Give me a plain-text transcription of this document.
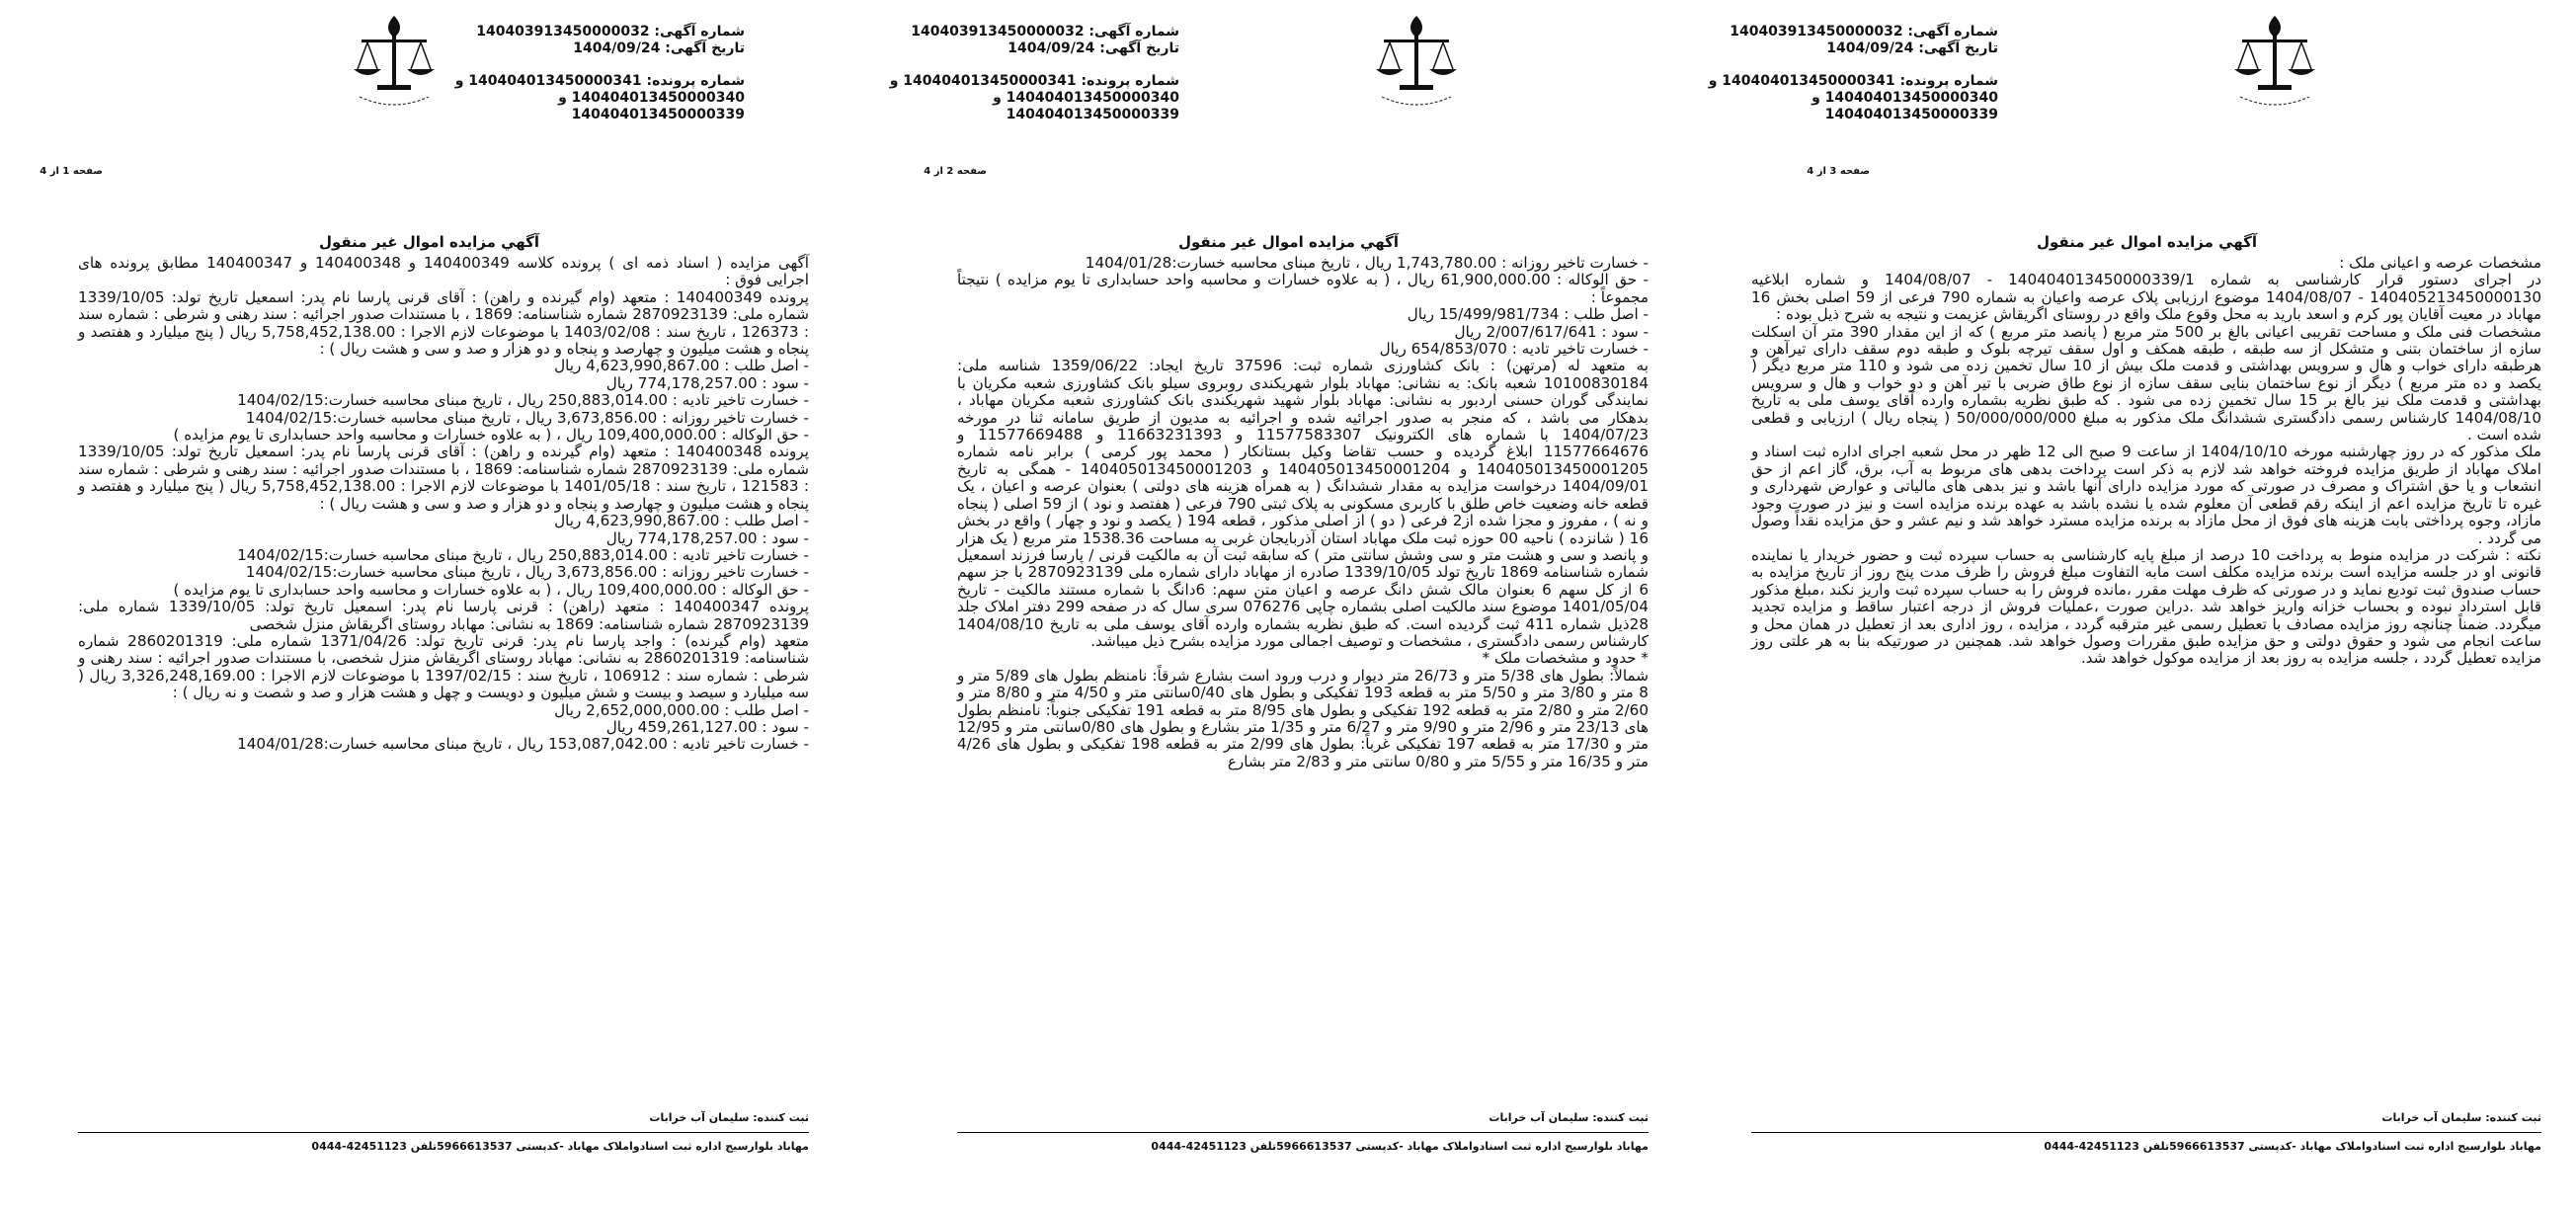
شماره آگهی: 140403913450000032
تاریخ آگهی: 1404/09/24
شماره پرونده: 140404013450000341 و
140404013450000340 و
140404013450000339
صفحه 3 از 4
آگهي مزايده اموال غير منقول

مشخصات عرصه و اعیانی ملک :

در اجرای دستور قرار کارشناسی به شماره 140404013450000339/1 - 1404/08/07 و شماره ابلاغیه 140405213450000130 - 1404/08/07 موضوع ارزیابی پلاک عرصه واعیان به شماره 790 فرعی از 59 اصلی بخش 16 مهاباد در معیت آقایان پور کرم و اسعد بارید به محل وقوع ملک واقع در روستای اگریقاش عزیمت و نتیجه به شرح ذیل بوده :

مشخصات فنی ملک و مساحت تقریبی اعیانی بالغ بر 500 متر مربع ( پانصد متر مربع ) که از این مقدار 390 متر آن اسکلت سازه از ساختمان بتنی و متشکل از سه طبقه ، طبقه همکف و اول سقف تیرچه بلوک و طبقه دوم سقف دارای تیرآهن و هرطبقه دارای خواب و هال و سرویس بهداشتی و قدمت ملک بیش از 10 سال تخمین زده می شود و 110 متر مربع دیگر ( یکصد و ده متر مربع ) دیگر از نوع ساختمان بنایی سقف سازه از نوع طاق ضربی با تیر آهن و دو خواب و هال و سرویس بهداشتی و قدمت ملک نیز بالغ بر 15 سال تخمین زده می شود . که طبق نظریه بشماره وارده آقای یوسف ملی به تاریخ 1404/08/10 کارشناس رسمی دادگستری ششدانگ ملک مذکور به مبلغ 50/000/000/000 ( پنجاه ریال ) ارزیابی و قطعی شده است .

ملک مذکور که در روز چهارشنبه مورخه 1404/10/10 از ساعت 9 صبح الی 12 ظهر در محل شعبه اجرای اداره ثبت اسناد و املاک مهاباد از طریق مزایده فروخته خواهد شد لازم به ذکر است پرداخت بدهی های مربوط به آب، برق، گاز اعم از حق انشعاب و یا حق اشتراک و مصرف در صورتی که مورد مزایده دارای آنها باشد و نیز بدهی های مالیاتی و عوارض شهرداری و غیره تا تاریخ مزایده اعم از اینکه رقم قطعی آن معلوم شده یا نشده باشد به عهده برنده مزایده است و نیز در صورت وجود مازاد، وجوه پرداختی بابت هزینه های فوق از محل مازاد به برنده مزایده مسترد خواهد شد و نیم عشر و حق مزایده نقداً وصول می گردد .

نکته : شرکت در مزایده منوط به پرداخت 10 درصد از مبلغ پایه کارشناسی به حساب سپرده ثبت و حضور خریدار یا نماینده قانونی او در جلسه مزایده است برنده مزایده مکلف است مابه التفاوت مبلغ فروش را ظرف مدت پنج روز از تاریخ مزایده به حساب صندوق ثبت تودیع نماید و در صورتی که ظرف مهلت مقرر ،مانده فروش را به حساب سپرده ثبت واریز نکند ،مبلغ مذکور قابل استرداد نبوده و بحساب خزانه واریز خواهد شد .دراین صورت ،عملیات فروش از درجه اعتبار ساقط و مزایده تجدید میگردد. ضمناً چنانچه روز مزایده مصادف با تعطیل رسمی غیر مترقبه گردد ، مزایده ، روز اداری بعد از تعطیل در همان محل و ساعت انجام می شود و حقوق دولتی و حق مزایده طبق مقررات وصول خواهد شد. همچنین در صورتیکه بنا به هر علتی روز مزایده تعطیل گردد ، جلسه مزایده به روز بعد از مزایده موکول خواهد شد.

ثبت کننده: سلیمان آب خرابات
مهاباد بلوارسیج اداره ثبت اسنادواملاک مهاباد -کدپستی 5966613537تلفن 42451123-0444
شماره آگهی: 140403913450000032
تاریخ آگهی: 1404/09/24
شماره پرونده: 140404013450000341 و
140404013450000340 و
140404013450000339
صفحه 2 از 4
آگهي مزايده اموال غير منقول

- خسارت تاخیر روزانه : 1,743,780.00 ریال ، تاریخ مبنای محاسبه خسارت:1404/01/28

- حق الوکاله : 61,900,000.00 ریال ، ( به علاوه خسارات و محاسبه واحد حسابداری تا یوم مزایده ) نتیجتاً مجموعاً :

- اصل طلب : 15/499/981/734 ریال

- سود : 2/007/617/641 ریال

- خسارت تاخیر تادیه : 654/853/070 ریال

به متعهد له (مرتهن) : بانک کشاورزی شماره ثبت: 37596 تاریخ ایجاد: 1359/06/22 شناسه ملی: 10100830184 شعبه بانک: به نشانی: مهاباد بلوار شهریکندی روبروی سیلو بانک کشاورزی شعبه مکریان با نمایندگی گوران حسنی اردبور به نشانی: مهاباد بلوار شهید شهریکندی بانک کشاورزی شعبه مکریان مهاباد ، بدهکار می باشد ، که منجر به صدور اجرائیه شده و اجرائیه به مدیون از طریق سامانه ثنا در مورخه 1404/07/23 با شماره های الکترونیک 11577583307 و 11663231393 و 11577669488 و 11577664676 ابلاغ گردیده و حسب تقاضا وکیل بستانکار ( محمد پور کرمی ) برابر نامه شماره 140405013450001205 و 140405013450001204 و 140405013450001203 - همگی به تاریخ 1404/09/01 درخواست مزایده به مقدار ششدانگ ( به همراه هزینه های دولتی ) بعنوان عرصه و اعیان ، یک قطعه خانه وضعیت خاص طلق با کاربری مسکونی به پلاک ثبتی 790 فرعی ( هفتصد و نود ) از 59 اصلی ( پنجاه و نه ) ، مفروز و مجزا شده از2 فرعی ( دو ) از اصلی مذکور ، قطعه 194 ( یکصد و نود و چهار ) واقع در بخش 16 ( شانزده ) ناحیه 00 حوزه ثبت ملک مهاباد استان آذربایجان غربی به مساحت 1538.36 متر مربع ( یک هزار و پانصد و سی و هشت متر و سی وشش سانتی متر ) که سابقه ثبت آن به مالکیت قرنی / پارسا فرزند اسمعیل شماره شناسنامه 1869 تاریخ تولد 1339/10/05 صادره از مهاباد دارای شماره ملی 2870923139 با جز سهم 6 از کل سهم 6 بعنوان مالک شش دانگ عرصه و اعیان متن سهم: 6دانگ با شماره مستند مالکیت - تاریخ 1401/05/04 موضوع سند مالکیت اصلی بشماره چاپی 076276 سری سال که در صفحه 299 دفتر املاک جلد 28ذیل شماره 411 ثبت گردیده است. که طبق نظریه بشماره وارده آقای یوسف ملی به تاریخ 1404/08/10 کارشناس رسمی دادگستری ، مشخصات و توصیف اجمالی مورد مزایده بشرح ذیل میباشد.

* حدود و مشخصات ملک *

شمالاً: بطول های 5/38 متر و 26/73 متر دیوار و درب ورود است بشارع شرقاً: نامنظم بطول های 5/89 متر و 8 متر و 3/80 متر و 5/50 متر به قطعه 193 تفکیکی و بطول های 0/40سانتی متر و 4/50 متر و 8/80 متر و 2/60 متر و 2/80 متر به قطعه 192 تفکیکی و بطول های 8/95 متر به قطعه 191 تفکیکی جنوباً: نامنظم بطول های 23/13 متر و 2/96 متر و 9/90 متر و 6/27 متر و 1/35 متر بشارع و بطول های 0/80سانتی متر و 12/95 متر و 17/30 متر به قطعه 197 تفکیکی غرباً: بطول های 2/99 متر به قطعه 198 تفکیکی و بطول های 4/26 متر و 16/35 متر و 5/55 متر و 0/80 سانتی متر و 2/83 متر بشارع

ثبت کننده: سلیمان آب خرابات
مهاباد بلوارسیج اداره ثبت اسنادواملاک مهاباد -کدپستی 5966613537تلفن 42451123-0444
شماره آگهی: 140403913450000032
تاریخ آگهی: 1404/09/24
شماره پرونده: 140404013450000341 و
140404013450000340 و
140404013450000339
صفحه 1 از 4
آگهي مزايده اموال غير منقول

آگهی مزایده ( اسناد ذمه ای ) پرونده کلاسه 140400349 و 140400348 و 140400347 مطابق پرونده های اجرایی فوق :

پرونده 140400349 : متعهد (وام گیرنده و راهن) : آقای قرنی پارسا نام پدر: اسمعیل تاریخ تولد: 1339/10/05 شماره ملی: 2870923139 شماره شناسنامه: 1869 ، با مستندات صدور اجرائیه : سند رهنی و شرطی : شماره سند : 126373 ، تاریخ سند : 1403/02/08 با موضوعات لازم الاجرا : 5,758,452,138.00 ریال ( پنج میلیارد و هفتصد و پنجاه و هشت میلیون و چهارصد و پنجاه و دو هزار و صد و سی و هشت ریال ) :

- اصل طلب : 4,623,990,867.00 ریال

- سود : 774,178,257.00 ریال

- خسارت تاخیر تادیه : 250,883,014.00 ریال ، تاریخ مبنای محاسبه خسارت:1404/02/15

- خسارت تاخیر روزانه : 3,673,856.00 ریال ، تاریخ مبنای محاسبه خسارت:1404/02/15

- حق الوکاله : 109,400,000.00 ریال ، ( به علاوه خسارات و محاسبه واحد حسابداری تا یوم مزایده )

پرونده 140400348 : متعهد (وام گیرنده و راهن) : آقای قرنی پارسا نام پدر: اسمعیل تاریخ تولد: 1339/10/05 شماره ملی: 2870923139 شماره شناسنامه: 1869 ، با مستندات صدور اجرائیه : سند رهنی و شرطی : شماره سند : 121583 ، تاریخ سند : 1401/05/18 با موضوعات لازم الاجرا : 5,758,452,138.00 ریال ( پنج میلیارد و هفتصد و پنجاه و هشت میلیون و چهارصد و پنجاه و دو هزار و صد و سی و هشت ریال ) :

- اصل طلب : 4,623,990,867.00 ریال

- سود : 774,178,257.00 ریال

- خسارت تاخیر تادیه : 250,883,014.00 ریال ، تاریخ مبنای محاسبه خسارت:1404/02/15

- خسارت تاخیر روزانه : 3,673,856.00 ریال ، تاریخ مبنای محاسبه خسارت:1404/02/15

- حق الوکاله : 109,400,000.00 ریال ، ( به علاوه خسارات و محاسبه واحد حسابداری تا یوم مزایده )

پرونده 140400347 : متعهد (راهن) : قرنی پارسا نام پدر: اسمعیل تاریخ تولد: 1339/10/05 شماره ملی: 2870923139 شماره شناسنامه: 1869 به نشانی: مهاباد روستای اگریقاش منزل شخصی

متعهد (وام گیرنده) : واجد پارسا نام پدر: قرنی تاریخ تولد: 1371/04/26 شماره ملی: 2860201319 شماره شناسنامه: 2860201319 به نشانی: مهاباد روستای اگریقاش منزل شخصی، با مستندات صدور اجرائیه : سند رهنی و شرطی : شماره سند : 106912 ، تاریخ سند : 1397/02/15 با موضوعات لازم الاجرا : 3,326,248,169.00 ریال ( سه میلیارد و سیصد و بیست و شش میلیون و دویست و چهل و هشت هزار و صد و شصت و نه ریال ) :

- اصل طلب : 2,652,000,000.00 ریال

- سود : 459,261,127.00 ریال

- خسارت تاخیر تادیه : 153,087,042.00 ریال ، تاریخ مبنای محاسبه خسارت:1404/01/28

ثبت کننده: سلیمان آب خرابات
مهاباد بلوارسیج اداره ثبت اسنادواملاک مهاباد -کدپستی 5966613537تلفن 42451123-0444
